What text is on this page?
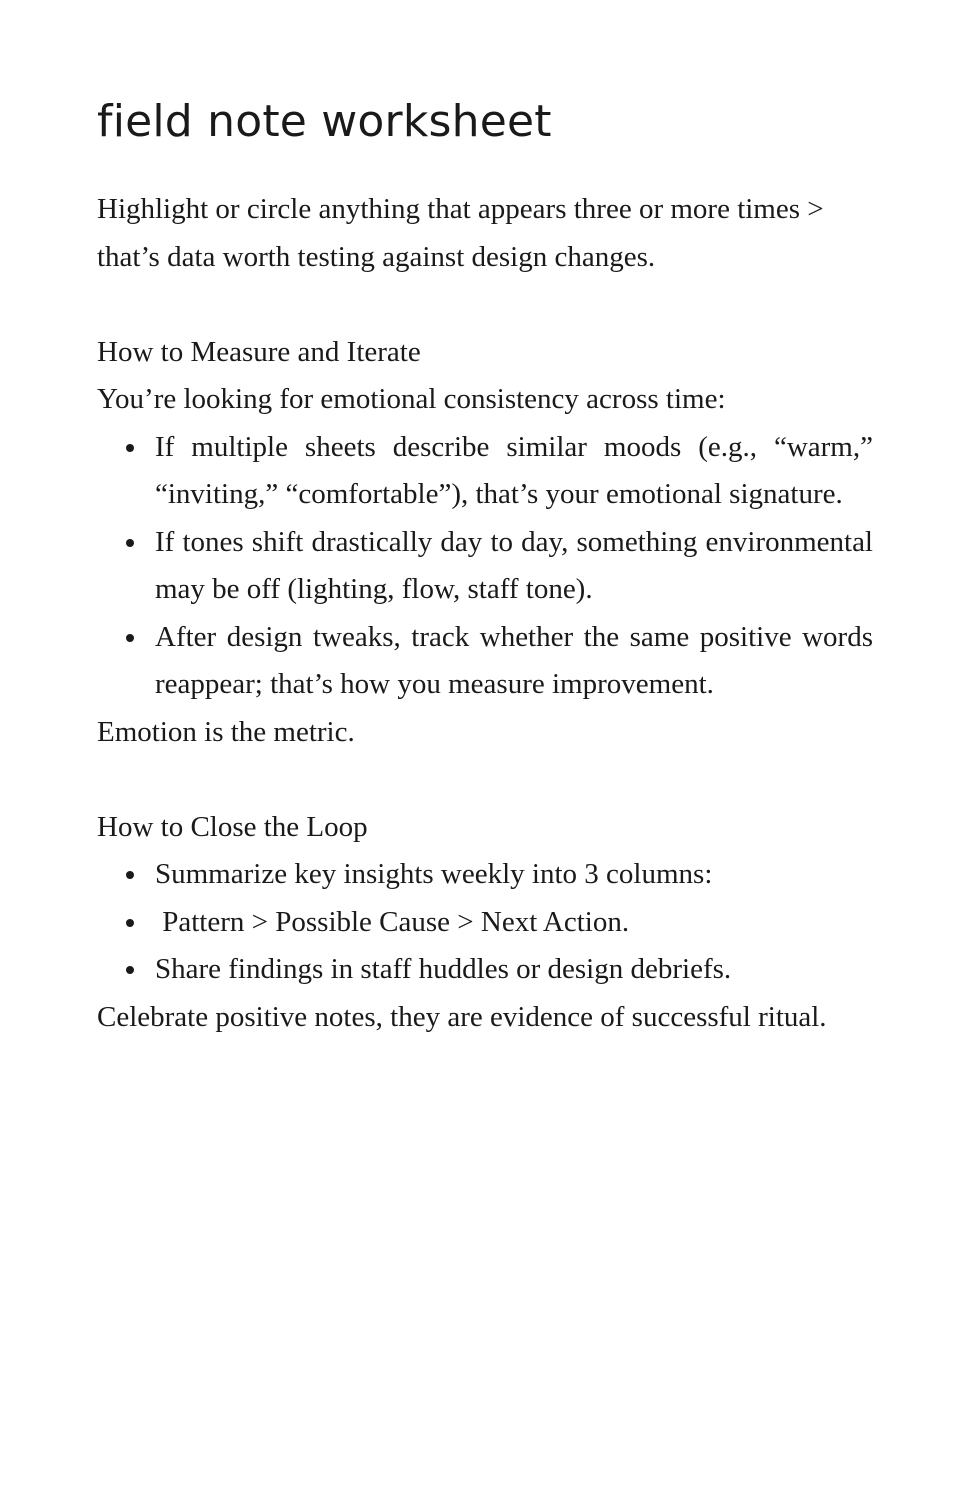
field note worksheet

Highlight or circle anything that appears three or more times > that’s data worth testing against design changes.

How to Measure and Iterate

You’re looking for emotional consistency across time:

If multiple sheets describe similar moods (e.g., “warm,” “inviting,” “comfortable”), that’s your emotional signature.
If tones shift drastically day to day, something environmental may be off (lighting, flow, staff tone).
After design tweaks, track whether the same positive words reappear; that’s how you measure improvement.

Emotion is the metric.

How to Close the Loop

Summarize key insights weekly into 3 columns:
Pattern > Possible Cause > Next Action.
Share findings in staff huddles or design debriefs.

Celebrate positive notes, they are evidence of successful ritual.
